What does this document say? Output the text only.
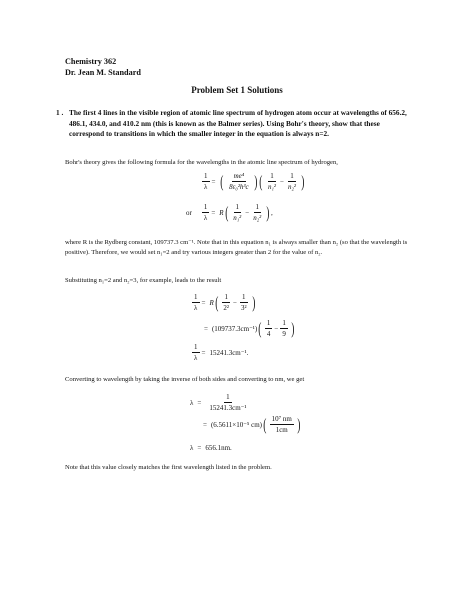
Chemistry 362
Dr. Jean M. Standard
Problem Set 1 Solutions
1 . The first 4 lines in the visible region of atomic line spectrum of hydrogen atom occur at wavelengths of 656.2, 486.1, 434.0, and 410.2 nm (this is known as the Balmer series). Using Bohr's theory, show that these correspond to transitions in which the smaller integer in the equation is always n=2.
Bohr's theory gives the following formula for the wavelengths in the atomic line spectrum of hydrogen,
$\frac{1}{\lambda}$ = ( $\frac{\text{me⁴}}{\text{8ε₀²h³c}}$ ) ( $\frac{1}{\text{n₁²}} - \frac{1}{\text{n₂²}}$ )
or $\frac{1}{\lambda} = R$ ( $\frac{1}{\text{n₁²}} - \frac{1}{\text{n₂²}}$ ) ,
where R is the Rydberg constant, 109737.3 cm⁻¹. Note that in this equation n₁ is always smaller than n₂ (so that the wavelength is positive). Therefore, we would set n₁=2 and try various integers greater than 2 for the value of n₂.
Substituting n₁=2 and n₂=3, for example, leads to the result
$\frac{1}{\lambda} = R$ ( $\frac{1}{\text{2²}} - \frac{1}{\text{3²}}$ )
= (109737.3cm⁻¹) ( $\frac{1}{4} - \frac{1}{9}$ )
$\frac{1}{\lambda} = 15241.3cm^{-1}$.
Converting to wavelength by taking the inverse of both sides and converting to nm, we get
$\lambda = \frac{1}{\text{15241.3cm⁻¹}}$
= (6.5611×10⁻⁵ cm) ( $\frac{\text{10⁷ nm}}{1cm}$ )
λ = 656.1nm.
Note that this value closely matches the first wavelength listed in the problem.
